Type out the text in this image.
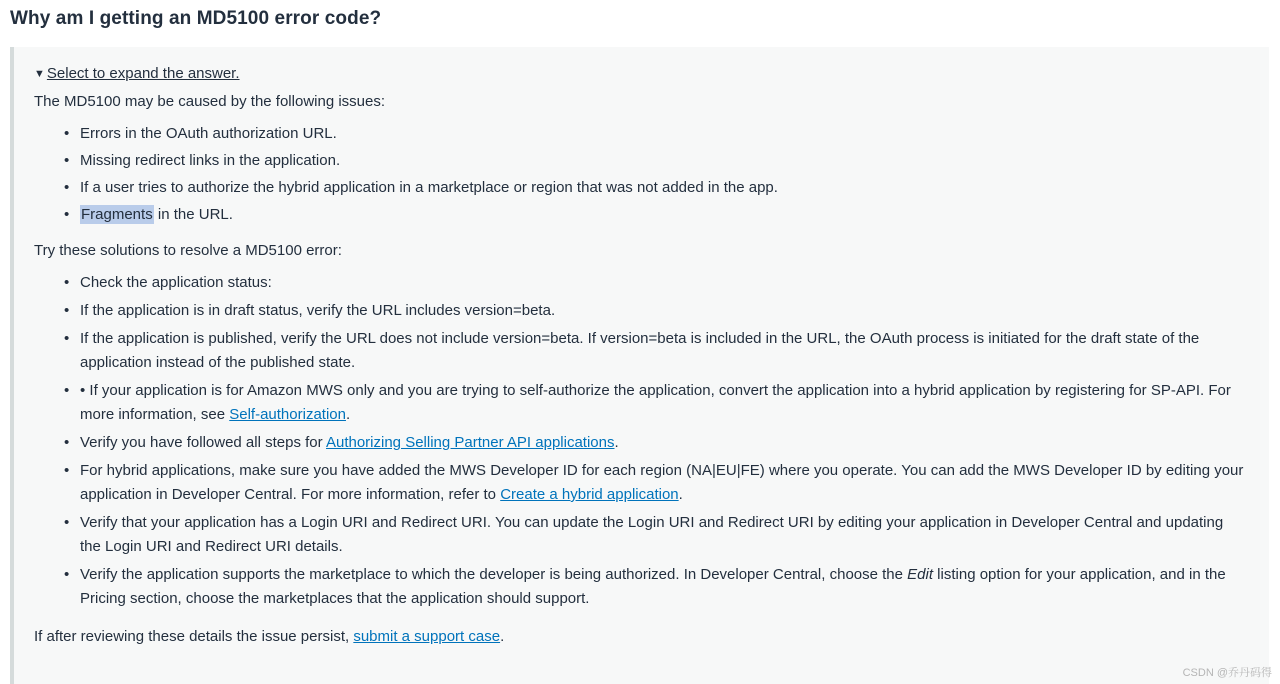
Why am I getting an MD5100 error code?
▼ Select to expand the answer.

The MD5100 may be caused by the following issues:

• Errors in the OAuth authorization URL.
• Missing redirect links in the application.
• If a user tries to authorize the hybrid application in a marketplace or region that was not added in the app.
• Fragments in the URL.

Try these solutions to resolve a MD5100 error:

• Check the application status:
• If the application is in draft status, verify the URL includes version=beta.
• If the application is published, verify the URL does not include version=beta. If version=beta is included in the URL, the OAuth process is initiated for the draft state of the application instead of the published state.
• • If your application is for Amazon MWS only and you are trying to self-authorize the application, convert the application into a hybrid application by registering for SP-API. For more information, see Self-authorization.
• Verify you have followed all steps for Authorizing Selling Partner API applications.
• For hybrid applications, make sure you have added the MWS Developer ID for each region (NA|EU|FE) where you operate. You can add the MWS Developer ID by editing your application in Developer Central. For more information, refer to Create a hybrid application.
• Verify that your application has a Login URI and Redirect URI. You can update the Login URI and Redirect URI by editing your application in Developer Central and updating the Login URI and Redirect URI details.
• Verify the application supports the marketplace to which the developer is being authorized. In Developer Central, choose the Edit listing option for your application, and in the Pricing section, choose the marketplaces that the application should support.
If after reviewing these details the issue persist, submit a support case.
CSDN @乔丹码得
